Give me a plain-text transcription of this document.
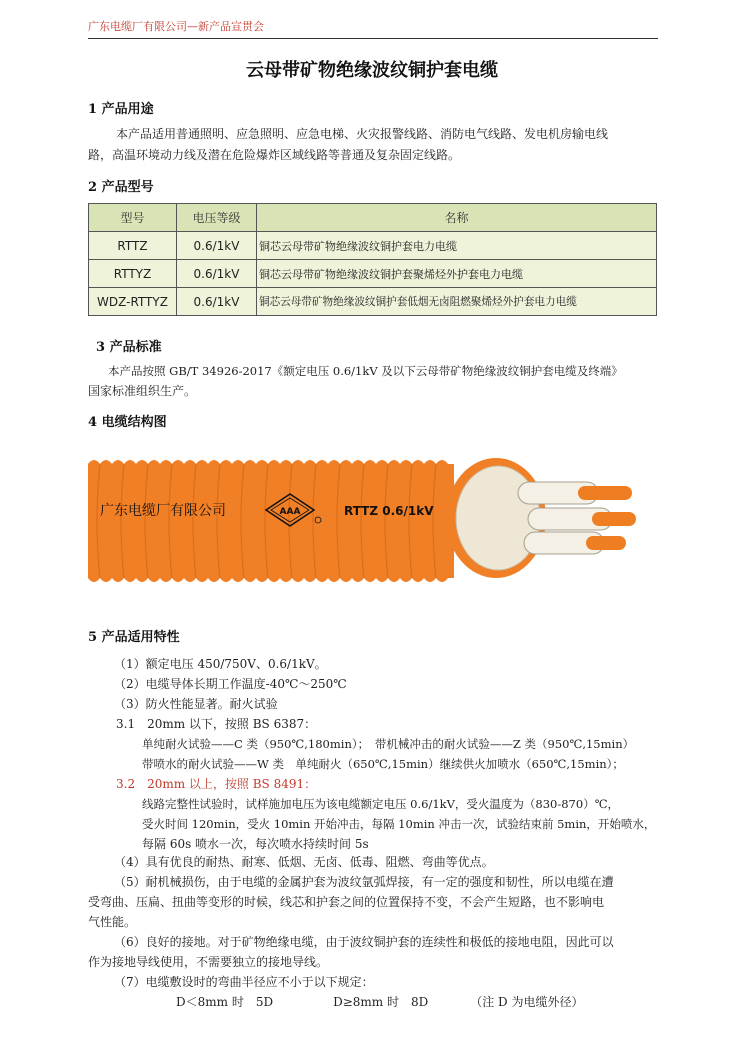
广东电缆厂有限公司—新产品宣贯会
云母带矿物绝缘波纹铜护套电缆
1 产品用途
本产品适用普通照明、应急照明、应急电梯、火灾报警线路、消防电气线路、发电机房输电线
路，高温环境动力线及潜在危险爆炸区域线路等普通及复杂固定线路。
2 产品型号
型号	电压等级	名称
RTTZ	0.6/1kV	铜芯云母带矿物绝缘波纹铜护套电力电缆
RTTYZ	0.6/1kV	铜芯云母带矿物绝缘波纹铜护套聚烯烃外护套电力电缆
WDZ-RTTYZ	0.6/1kV	铜芯云母带矿物绝缘波纹铜护套低烟无卤阻燃聚烯烃外护套电力电缆
3 产品标准
本产品按照 GB/T 34926-2017《额定电压 0.6/1kV 及以下云母带矿物绝缘波纹铜护套电缆及终端》
国家标准组织生产。
4 电缆结构图
广东电缆厂有限公司	AAA	RTTZ 0.6/1kV
5 产品适用特性
（1）额定电压 450/750V、0.6/1kV。
（2）电缆导体长期工作温度-40℃～250℃
（3）防火性能显著。耐火试验
3.1　20mm 以下，按照 BS 6387：
单纯耐火试验——C 类（950℃,180min）；　带机械冲击的耐火试验——Z 类（950℃,15min）
带喷水的耐火试验——W 类　单纯耐火（650℃,15min）继续供火加喷水（650℃,15min）；
3.2　20mm 以上，按照 BS 8491：
线路完整性试验时，试样施加电压为该电缆额定电压 0.6/1kV，受火温度为（830-870）℃，
受火时间 120min，受火 10min 开始冲击，每隔 10min 冲击一次，试验结束前 5min，开始喷水，
每隔 60s 喷水一次，每次喷水持续时间 5s
（4）具有优良的耐热、耐寒、低烟、无卤、低毒、阻燃、弯曲等优点。
（5）耐机械损伤，由于电缆的金属护套为波纹氩弧焊接，有一定的强度和韧性，所以电缆在遭
受弯曲、压扁、扭曲等变形的时候，线芯和护套之间的位置保持不变，不会产生短路，也不影响电
气性能。
（6）良好的接地。对于矿物绝缘电缆，由于波纹铜护套的连续性和极低的接地电阻，因此可以
作为接地导线使用，不需要独立的接地导线。
（7）电缆敷设时的弯曲半径应不小于以下规定：
D＜8mm 时　5D　　　　　D≥8mm 时　8D　　　　（注 D 为电缆外径）
